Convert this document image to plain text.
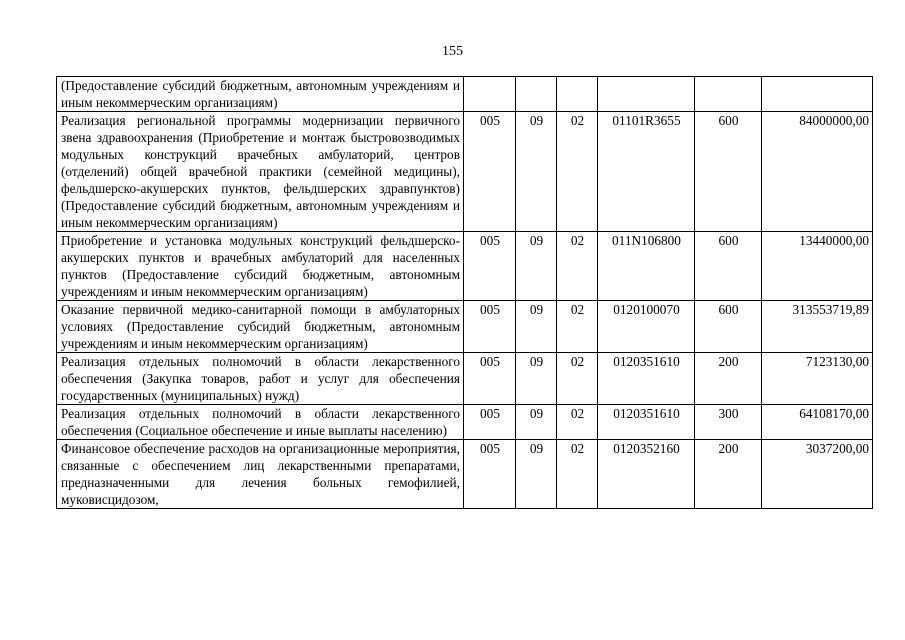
155
(Предоставление субсидий бюджетным, автономным учреждениям и иным некоммерческим организациям)						
Реализация региональной программы модернизации первичного звена здравоохранения (Приобретение и монтаж быстровозводимых модульных конструкций врачебных амбулаторий, центров (отделений) общей врачебной практики (семейной медицины), фельдшерско-акушерских пунктов, фельдшерских здравпунктов) (Предоставление субсидий бюджетным, автономным учреждениям и иным некоммерческим организациям)	005	09	02	01101R3655	600	84000000,00
Приобретение и установка модульных конструкций фельдшерско-акушерских пунктов и врачебных амбулаторий для населенных пунктов (Предоставление субсидий бюджетным, автономным учреждениям и иным некоммерческим организациям)	005	09	02	011N106800	600	13440000,00
Оказание первичной медико-санитарной помощи в амбулаторных условиях (Предоставление субсидий бюджетным, автономным учреждениям и иным некоммерческим организациям)	005	09	02	0120100070	600	313553719,89
Реализация отдельных полномочий в области лекарственного обеспечения (Закупка товаров, работ и услуг для обеспечения государственных (муниципальных) нужд)	005	09	02	0120351610	200	7123130,00
Реализация отдельных полномочий в области лекарственного обеспечения (Социальное обеспечение и иные выплаты населению)	005	09	02	0120351610	300	64108170,00
Финансовое обеспечение расходов на организационные мероприятия, связанные с обеспечением лиц лекарственными препаратами, предназначенными для лечения больных гемофилией, муковисцидозом,	005	09	02	0120352160	200	3037200,00
